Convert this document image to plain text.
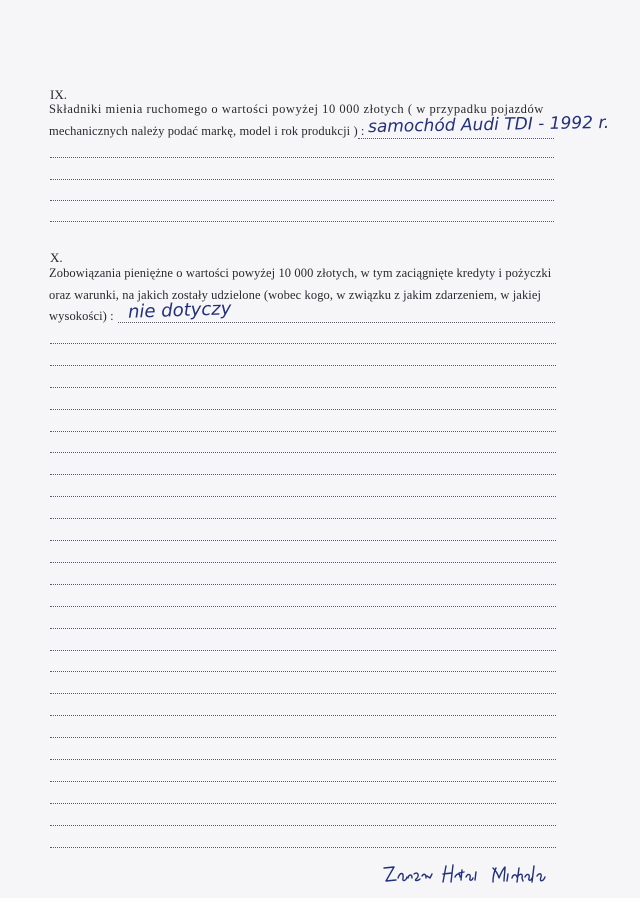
IX.
Składniki mienia ruchomego o wartości powyżej 10 000 złotych ( w przypadku pojazdów
mechanicznych należy podać markę, model i rok produkcji ) : samochód Audi TDI - 1992 r.
X.
Zobowiązania pieniężne o wartości powyżej 10 000 złotych, w tym zaciągnięte kredyty i pożyczki
oraz warunki, na jakich zostały udzielone (wobec kogo, w związku z jakim zdarzeniem, w jakiej
wysokości) : nie dotyczy
